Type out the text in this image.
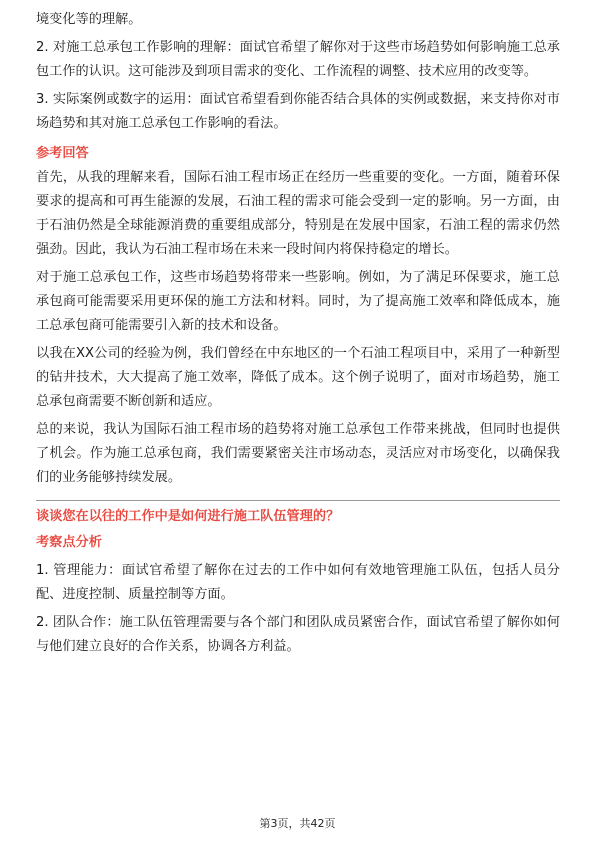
境变化等的理解。

2. 对施工总承包工作影响的理解：面试官希望了解你对于这些市场趋势如何影响施工总承包工作的认识。这可能涉及到项目需求的变化、工作流程的调整、技术应用的改变等。

3. 实际案例或数字的运用：面试官希望看到你能否结合具体的实例或数据，来支持你对市场趋势和其对施工总承包工作影响的看法。

参考回答

首先，从我的理解来看，国际石油工程市场正在经历一些重要的变化。一方面，随着环保要求的提高和可再生能源的发展，石油工程的需求可能会受到一定的影响。另一方面，由于石油仍然是全球能源消费的重要组成部分，特别是在发展中国家，石油工程的需求仍然强劲。因此，我认为石油工程市场在未来一段时间内将保持稳定的增长。

对于施工总承包工作，这些市场趋势将带来一些影响。例如，为了满足环保要求，施工总承包商可能需要采用更环保的施工方法和材料。同时，为了提高施工效率和降低成本，施工总承包商可能需要引入新的技术和设备。

以我在XX公司的经验为例，我们曾经在中东地区的一个石油工程项目中，采用了一种新型的钻井技术，大大提高了施工效率，降低了成本。这个例子说明了，面对市场趋势，施工总承包商需要不断创新和适应。

总的来说，我认为国际石油工程市场的趋势将对施工总承包工作带来挑战，但同时也提供了机会。作为施工总承包商，我们需要紧密关注市场动态，灵活应对市场变化，以确保我们的业务能够持续发展。

谈谈您在以往的工作中是如何进行施工队伍管理的？

考察点分析

1. 管理能力：面试官希望了解你在过去的工作中如何有效地管理施工队伍，包括人员分配、进度控制、质量控制等方面。

2. 团队合作：施工队伍管理需要与各个部门和团队成员紧密合作，面试官希望了解你如何与他们建立良好的合作关系，协调各方利益。

第3页，共42页
